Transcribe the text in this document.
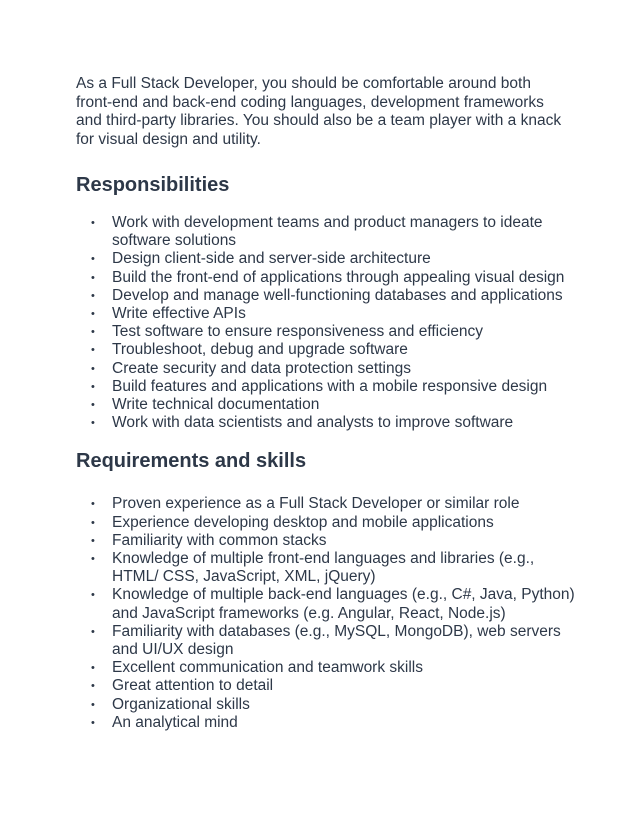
As a Full Stack Developer, you should be comfortable around both front-end and back-end coding languages, development frameworks and third-party libraries. You should also be a team player with a knack for visual design and utility.

Responsibilities
• Work with development teams and product managers to ideate software solutions
• Design client-side and server-side architecture
• Build the front-end of applications through appealing visual design
• Develop and manage well-functioning databases and applications
• Write effective APIs
• Test software to ensure responsiveness and efficiency
• Troubleshoot, debug and upgrade software
• Create security and data protection settings
• Build features and applications with a mobile responsive design
• Write technical documentation
• Work with data scientists and analysts to improve software
Requirements and skills
• Proven experience as a Full Stack Developer or similar role
• Experience developing desktop and mobile applications
• Familiarity with common stacks
• Knowledge of multiple front-end languages and libraries (e.g., HTML/ CSS, JavaScript, XML, jQuery)
• Knowledge of multiple back-end languages (e.g., C#, Java, Python) and JavaScript frameworks (e.g. Angular, React, Node.js)
• Familiarity with databases (e.g., MySQL, MongoDB), web servers and UI/UX design
• Excellent communication and teamwork skills
• Great attention to detail
• Organizational skills
• An analytical mind
